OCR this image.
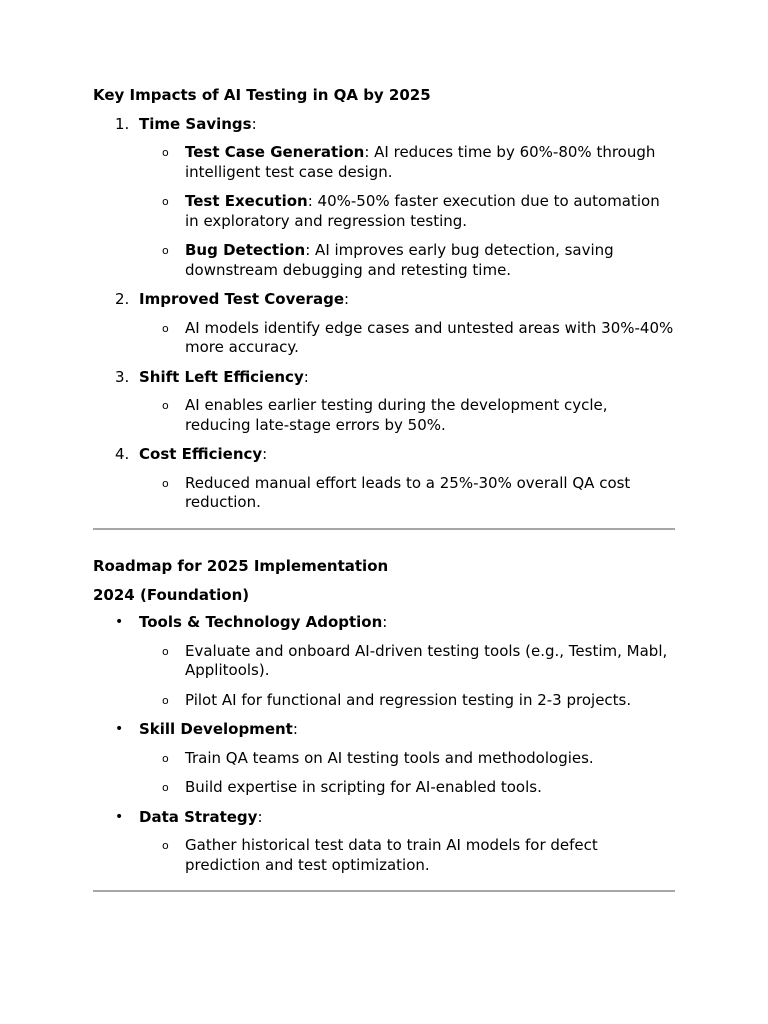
Key Impacts of AI Testing in QA by 2025
1. Time Savings:
o Test Case Generation: AI reduces time by 60%-80% through intelligent test case design.
o Test Execution: 40%-50% faster execution due to automation in exploratory and regression testing.
o Bug Detection: AI improves early bug detection, saving downstream debugging and retesting time.
2. Improved Test Coverage:
o AI models identify edge cases and untested areas with 30%-40% more accuracy.
3. Shift Left Efficiency:
o AI enables earlier testing during the development cycle, reducing late-stage errors by 50%.
4. Cost Efficiency:
o Reduced manual effort leads to a 25%-30% overall QA cost reduction.
Roadmap for 2025 Implementation
2024 (Foundation)
•	Tools & Technology Adoption:
o Evaluate and onboard AI-driven testing tools (e.g., Testim, Mabl, Applitools).
o Pilot AI for functional and regression testing in 2-3 projects.
•	Skill Development:
o Train QA teams on AI testing tools and methodologies.
o Build expertise in scripting for AI-enabled tools.
•	Data Strategy:
o Gather historical test data to train AI models for defect prediction and test optimization.
